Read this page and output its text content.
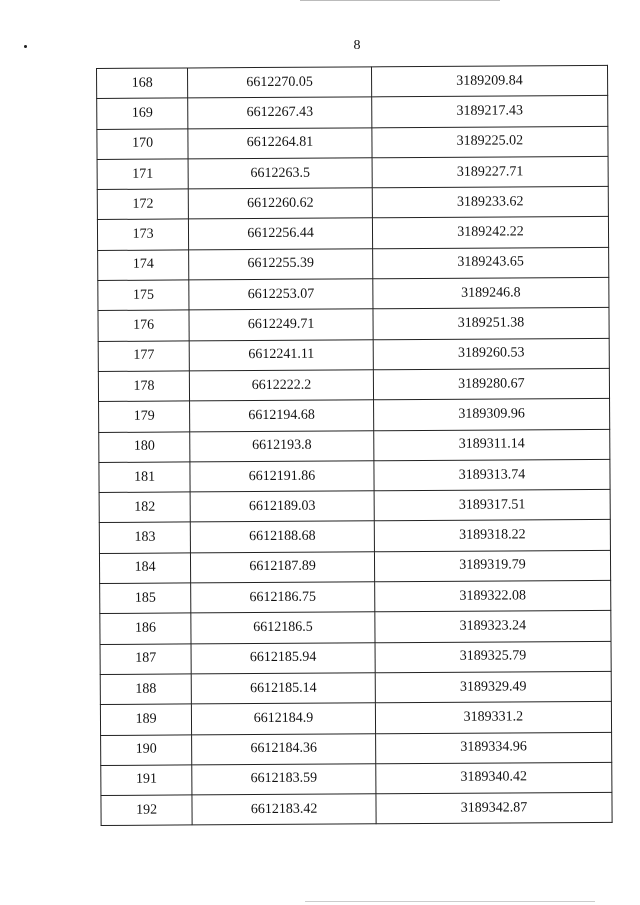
8
168	6612270.05	3189209.84
169	6612267.43	3189217.43
170	6612264.81	3189225.02
171	6612263.5	3189227.71
172	6612260.62	3189233.62
173	6612256.44	3189242.22
174	6612255.39	3189243.65
175	6612253.07	3189246.8
176	6612249.71	3189251.38
177	6612241.11	3189260.53
178	6612222.2	3189280.67
179	6612194.68	3189309.96
180	6612193.8	3189311.14
181	6612191.86	3189313.74
182	6612189.03	3189317.51
183	6612188.68	3189318.22
184	6612187.89	3189319.79
185	6612186.75	3189322.08
186	6612186.5	3189323.24
187	6612185.94	3189325.79
188	6612185.14	3189329.49
189	6612184.9	3189331.2
190	6612184.36	3189334.96
191	6612183.59	3189340.42
192	6612183.42	3189342.87
